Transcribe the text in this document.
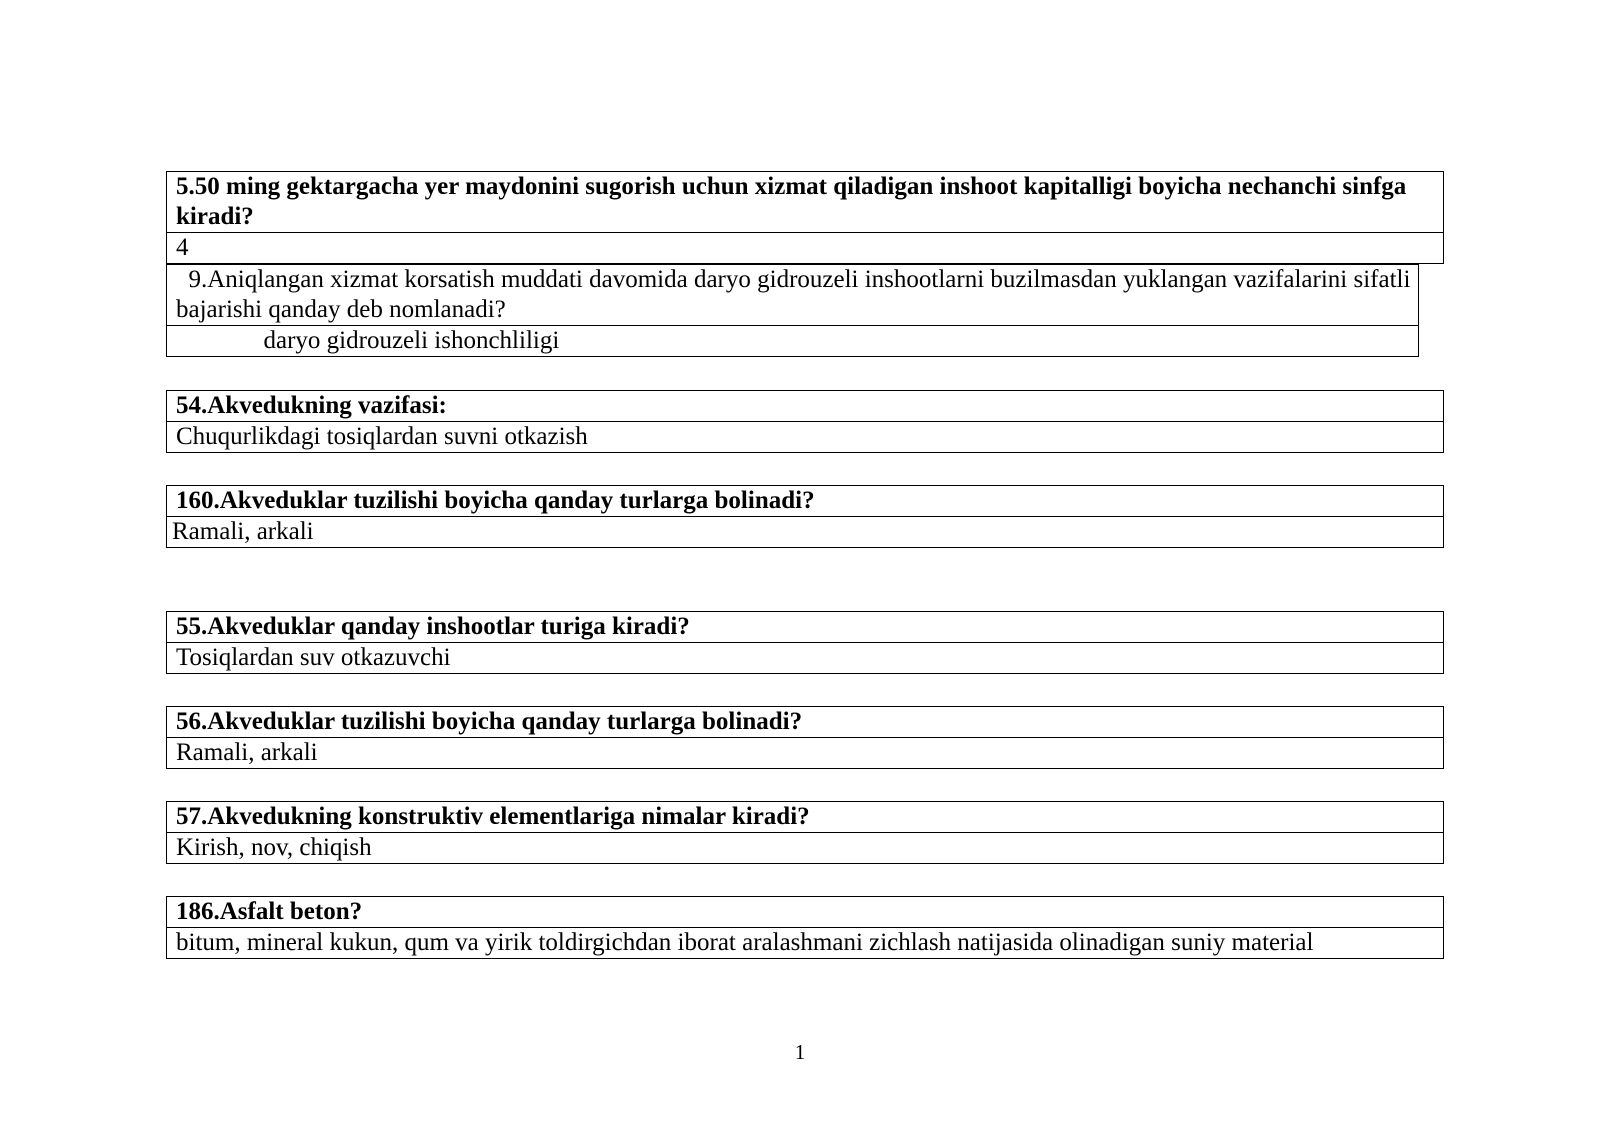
5.50 ming gektargacha yer maydonini sugorish uchun xizmat qiladigan inshoot kapitalligi boyicha nechanchi sinfga kiradi?
4
9.Aniqlangan xizmat korsatish muddati davomida daryo gidrouzeli inshootlarni buzilmasdan yuklangan vazifalarini sifatli    bajarishi qanday deb nomlanadi?
daryo gidrouzeli ishonchliligi
54.Akvedukning vazifasi:
Chuqurlikdagi tosiqlardan suvni otkazish
160.Akveduklar tuzilishi boyicha qanday turlarga bolinadi?
Ramali, arkali
55.Akveduklar qanday inshootlar turiga kiradi?
Tosiqlardan suv otkazuvchi
56.Akveduklar tuzilishi boyicha qanday turlarga bolinadi?
Ramali, arkali
57.Akvedukning konstruktiv elementlariga nimalar kiradi?
Kirish, nov, chiqish
186.Asfalt beton?
bitum, mineral kukun, qum va yirik toldirgichdan iborat aralashmani zichlash natijasida olinadigan suniy material
1
